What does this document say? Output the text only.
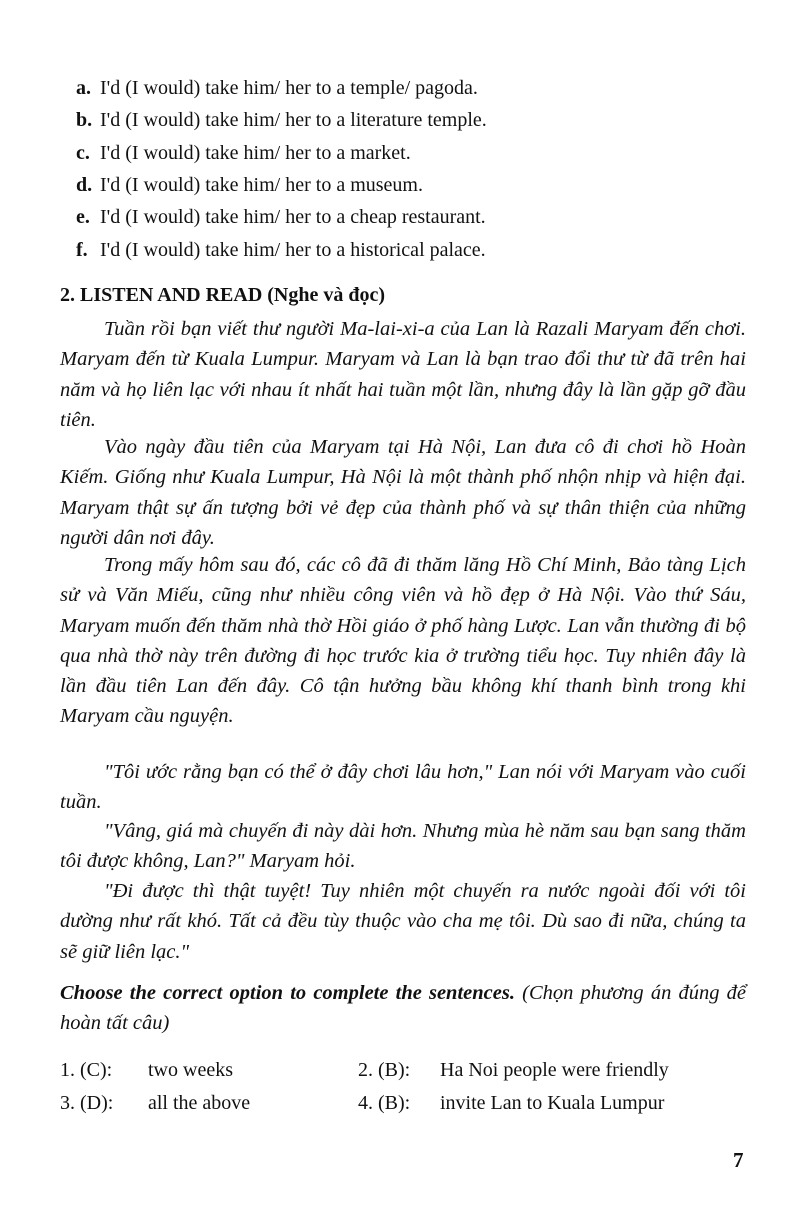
a. I'd (I would) take him/ her to a temple/ pagoda.
b. I'd (I would) take him/ her to a literature temple.
c. I'd (I would) take him/ her to a market.
d. I'd (I would) take him/ her to a museum.
e. I'd (I would) take him/ her to a cheap restaurant.
f. I'd (I would) take him/ her to a historical palace.
2. LISTEN AND READ (Nghe và đọc)

Tuần rồi bạn viết thư người Ma-lai-xi-a của Lan là Razali Maryam đến chơi. Maryam đến từ Kuala Lumpur. Maryam và Lan là bạn trao đổi thư từ đã trên hai năm và họ liên lạc với nhau ít nhất hai tuần một lần, nhưng đây là lần gặp gỡ đầu tiên.

Vào ngày đầu tiên của Maryam tại Hà Nội, Lan đưa cô đi chơi hồ Hoàn Kiếm. Giống như Kuala Lumpur, Hà Nội là một thành phố nhộn nhịp và hiện đại. Maryam thật sự ấn tượng bởi vẻ đẹp của thành phố và sự thân thiện của những người dân nơi đây.

Trong mấy hôm sau đó, các cô đã đi thăm lăng Hồ Chí Minh, Bảo tàng Lịch sử và Văn Miếu, cũng như nhiều công viên và hồ đẹp ở Hà Nội. Vào thứ Sáu, Maryam muốn đến thăm nhà thờ Hồi giáo ở phố hàng Lược. Lan vẫn thường đi bộ qua nhà thờ này trên đường đi học trước kia ở trường tiểu học. Tuy nhiên đây là lần đầu tiên Lan đến đây. Cô tận hưởng bầu không khí thanh bình trong khi Maryam cầu nguyện.

"Tôi ước rằng bạn có thể ở đây chơi lâu hơn," Lan nói với Maryam vào cuối tuần.

"Vâng, giá mà chuyến đi này dài hơn. Nhưng mùa hè năm sau bạn sang thăm tôi được không, Lan?" Maryam hỏi.

"Đi được thì thật tuyệt! Tuy nhiên một chuyến ra nước ngoài đối với tôi dường như rất khó. Tất cả đều tùy thuộc vào cha mẹ tôi. Dù sao đi nữa, chúng ta sẽ giữ liên lạc."

Choose the correct option to complete the sentences. (Chọn phương án đúng để hoàn tất câu)

1. (C): two weeks	2. (B): Ha Noi people were friendly
3. (D): all the above	4. (B): invite Lan to Kuala Lumpur
7
